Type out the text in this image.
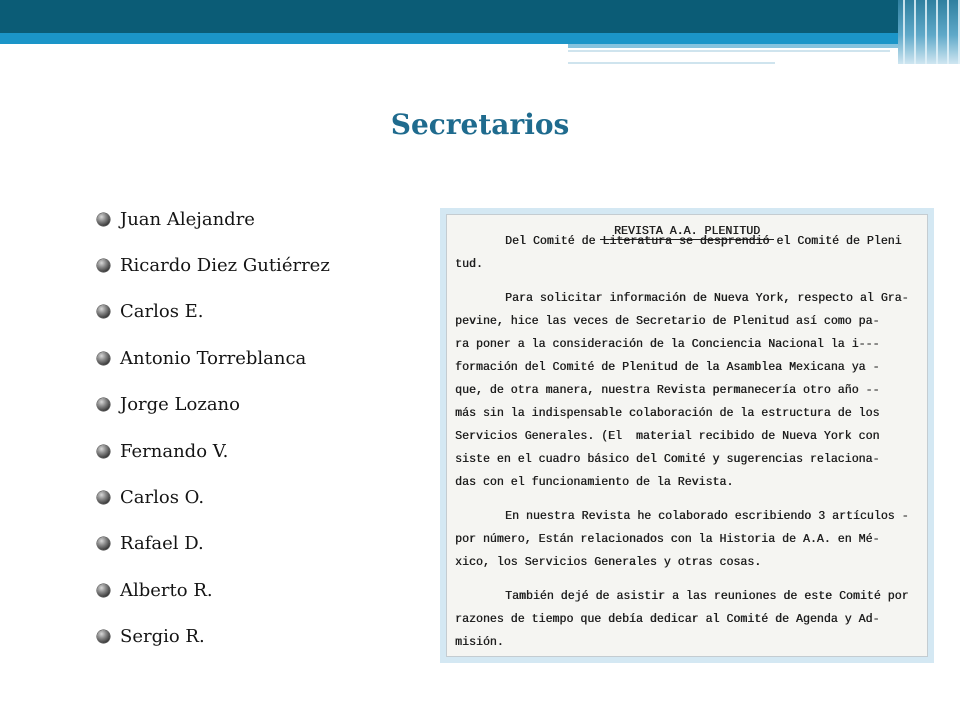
Secretarios
Juan Alejandre
Ricardo Diez Gutiérrez
Carlos E.
Antonio Torreblanca
Jorge Lozano
Fernando V.
Carlos O.
Rafael D.
Alberto R.
Sergio R.
REVISTA A.A. PLENITUD
Del Comité de Literatura se desprendió el Comité de Pleni
tud.
Para solicitar información de Nueva York, respecto al Gra-
pevine, hice las veces de Secretario de Plenitud así como pa-
ra poner a la consideración de la Conciencia Nacional la i---
formación del Comité de Plenitud de la Asamblea Mexicana ya -
que, de otra manera, nuestra Revista permanecería otro año --
más sin la indispensable colaboración de la estructura de los
Servicios Generales. (El  material recibido de Nueva York con
siste en el cuadro básico del Comité y sugerencias relaciona-
das con el funcionamiento de la Revista.
En nuestra Revista he colaborado escribiendo 3 artículos -
por número, Están relacionados con la Historia de A.A. en Mé-
xico, los Servicios Generales y otras cosas.
También dejé de asistir a las reuniones de este Comité por
razones de tiempo que debía dedicar al Comité de Agenda y Ad-
misión.
